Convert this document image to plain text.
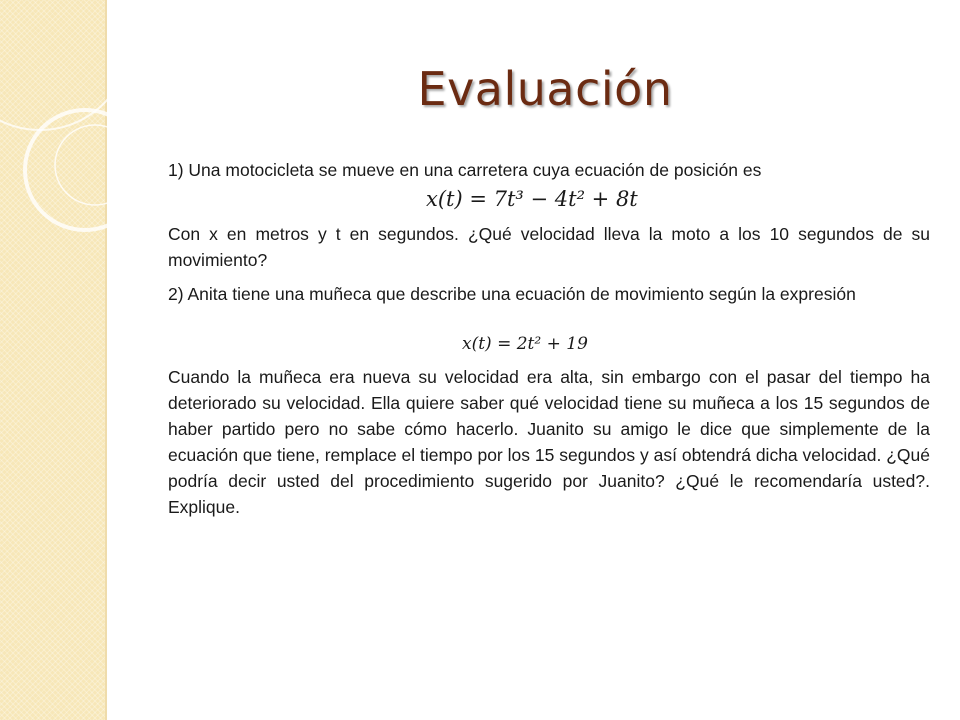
Evaluación

1) Una motocicleta se mueve en una carretera cuya ecuación de posición es

x(t) = 7t³ − 4t² + 8t

Con x en metros y t en segundos. ¿Qué velocidad lleva la moto a los 10 segundos de su movimiento?

2) Anita tiene una muñeca que describe una ecuación de movimiento según la expresión

x(t) = 2t² + 19

Cuando la muñeca era nueva su velocidad era alta, sin embargo con el pasar del tiempo ha deteriorado su velocidad. Ella quiere saber qué velocidad tiene su muñeca a los 15 segundos de haber partido pero no sabe cómo hacerlo. Juanito su amigo le dice que simplemente de la ecuación que tiene, remplace el tiempo por los 15 segundos y así obtendrá dicha velocidad. ¿Qué podría decir usted del procedimiento sugerido por Juanito? ¿Qué le recomendaría usted?. Explique.
